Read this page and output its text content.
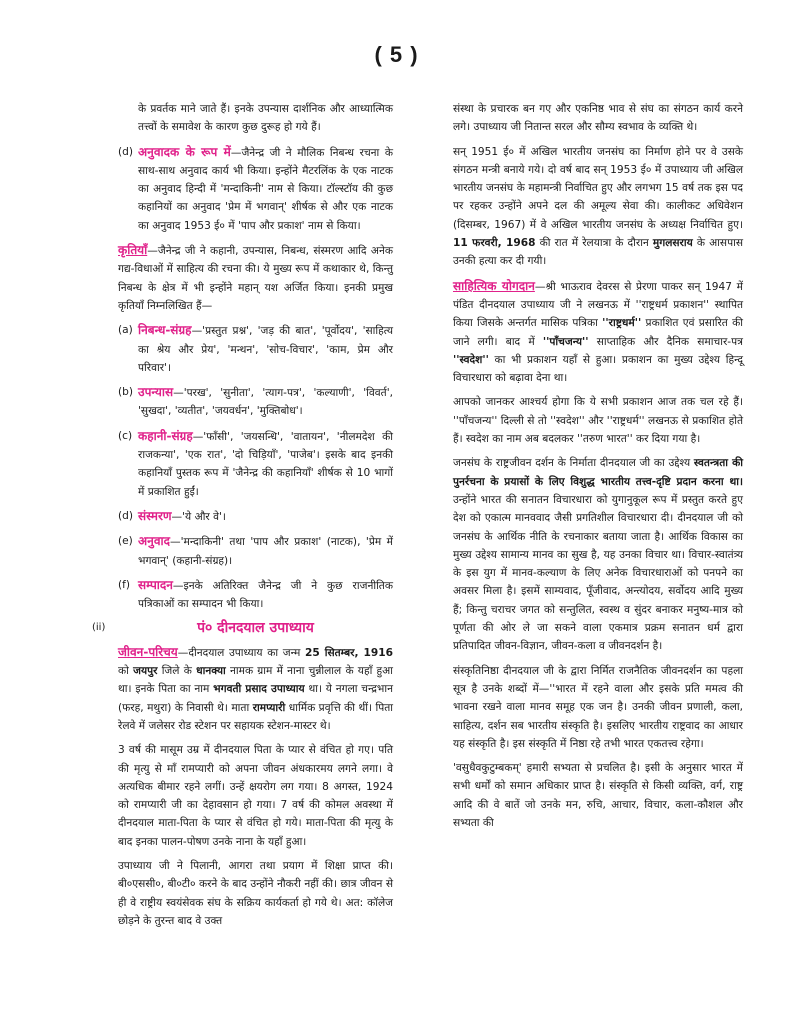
( 5 )

के प्रवर्तक माने जाते हैं। इनके उपन्यास दार्शनिक और आध्यात्मिक तत्त्वों के समावेश के कारण कुछ दुरूह हो गये हैं।

(d) अनुवादक के रूप में—जैनेन्द्र जी ने मौलिक निबन्ध रचना के साथ-साथ अनुवाद कार्य भी किया। इन्होंने मैटरलिंक के एक नाटक का अनुवाद हिन्दी में 'मन्दाकिनी' नाम से किया। टॉल्स्टॉय की कुछ कहानियों का अनुवाद 'प्रेम में भगवान्' शीर्षक से और एक नाटक का अनुवाद 1953 ई० में 'पाप और प्रकाश' नाम से किया।

कृतियाँ—जैनेन्द्र जी ने कहानी, उपन्यास, निबन्ध, संस्मरण आदि अनेक गद्य-विधाओं में साहित्य की रचना की। ये मुख्य रूप में कथाकार थे, किन्तु निबन्ध के क्षेत्र में भी इन्होंने महान् यश अर्जित किया। इनकी प्रमुख कृतियाँ निम्नलिखित हैं—

(a) निबन्ध-संग्रह—'प्रस्तुत प्रश्न', 'जड़ की बात', 'पूर्वोदय', 'साहित्य का श्रेय और प्रेय', 'मन्थन', 'सोच-विचार', 'काम, प्रेम और परिवार'।
(b) उपन्यास—'परख', 'सुनीता', 'त्याग-पत्र', 'कल्याणी', 'विवर्त', 'सुखदा', 'व्यतीत', 'जयवर्धन', 'मुक्तिबोध'।
(c) कहानी-संग्रह—'फाँसी', 'जयसन्धि', 'वातायन', 'नीलमदेश की राजकन्या', 'एक रात', 'दो चिड़ियाँ', 'पाजेब'। इसके बाद इनकी कहानियाँ पुस्तक रूप में 'जैनेन्द्र की कहानियाँ' शीर्षक से 10 भागों में प्रकाशित हुईं।
(d) संस्मरण—'ये और वे'।
(e) अनुवाद—'मन्दाकिनी' तथा 'पाप और प्रकाश' (नाटक), 'प्रेम में भगवान्' (कहानी-संग्रह)।
(f) सम्पादन—इनके अतिरिक्त जैनेन्द्र जी ने कुछ राजनीतिक पत्रिकाओं का सम्पादन भी किया।
(ii)	पं० दीनदयाल उपाध्याय

जीवन-परिचय—दीनदयाल उपाध्याय का जन्म 25 सितम्बर, 1916 को जयपुर जिले के धानक्या नामक ग्राम में नाना चुन्नीलाल के यहाँ हुआ था। इनके पिता का नाम भगवती प्रसाद उपाध्याय था। ये नगला चन्द्रभान (फरह, मथुरा) के निवासी थे। माता रामप्यारी धार्मिक प्रवृत्ति की थीं। पिता रेलवे में जलेसर रोड स्टेशन पर सहायक स्टेशन-मास्टर थे।

3 वर्ष की मासूम उम्र में दीनदयाल पिता के प्यार से वंचित हो गए। पति की मृत्यु से माँ रामप्यारी को अपना जीवन अंधकारमय लगने लगा। वे अत्यधिक बीमार रहने लगीं। उन्हें क्षयरोग लग गया। 8 अगस्त, 1924 को रामप्यारी जी का देहावसान हो गया। 7 वर्ष की कोमल अवस्था में दीनदयाल माता-पिता के प्यार से वंचित हो गये। माता-पिता की मृत्यु के बाद इनका पालन-पोषण उनके नाना के यहाँ हुआ।

उपाध्याय जी ने पिलानी, आगरा तथा प्रयाग में शिक्षा प्राप्त की। बी०एससी०, बी०टी० करने के बाद उन्होंने नौकरी नहीं की। छात्र जीवन से ही वे राष्ट्रीय स्वयंसेवक संघ के सक्रिय कार्यकर्ता हो गये थे। अत: कॉलेज छोड़ने के तुरन्त बाद वे उक्त

संस्था के प्रचारक बन गए और एकनिष्ठ भाव से संघ का संगठन कार्य करने लगे। उपाध्याय जी नितान्त सरल और सौम्य स्वभाव के व्यक्ति थे।

सन् 1951 ई० में अखिल भारतीय जनसंघ का निर्माण होने पर वे उसके संगठन मन्त्री बनाये गये। दो वर्ष बाद सन् 1953 ई० में उपाध्याय जी अखिल भारतीय जनसंघ के महामन्त्री निर्वाचित हुए और लगभग 15 वर्ष तक इस पद पर रहकर उन्होंने अपने दल की अमूल्य सेवा की। कालीकट अधिवेशन (दिसम्बर, 1967) में वे अखिल भारतीय जनसंघ के अध्यक्ष निर्वाचित हुए। 11 फरवरी, 1968 की रात में रेलयात्रा के दौरान मुगलसराय के आसपास उनकी हत्या कर दी गयी।

साहित्यिक योगदान—श्री भाऊराव देवरस से प्रेरणा पाकर सन् 1947 में पंडित दीनदयाल उपाध्याय जी ने लखनऊ में ''राष्ट्रधर्म प्रकाशन'' स्थापित किया जिसके अन्तर्गत मासिक पत्रिका ''राष्ट्रधर्म'' प्रकाशित एवं प्रसारित की जाने लगी। बाद में ''पाँचजन्य'' साप्ताहिक और दैनिक समाचार-पत्र ''स्वदेश'' का भी प्रकाशन यहाँ से हुआ। प्रकाशन का मुख्य उद्देश्य हिन्दू विचारधारा को बढ़ावा देना था।

आपको जानकर आश्चर्य होगा कि ये सभी प्रकाशन आज तक चल रहे हैं। ''पाँचजन्य'' दिल्ली से तो ''स्वदेश'' और ''राष्ट्रधर्म'' लखनऊ से प्रकाशित होते हैं। स्वदेश का नाम अब बदलकर ''तरुण भारत'' कर दिया गया है।

जनसंघ के राष्ट्रजीवन दर्शन के निर्माता दीनदयाल जी का उद्देश्य स्वतन्त्रता की पुनर्रचना के प्रयासों के लिए विशुद्ध भारतीय तत्त्व-दृष्टि प्रदान करना था। उन्होंने भारत की सनातन विचारधारा को युगानुकूल रूप में प्रस्तुत करते हुए देश को एकात्म मानववाद जैसी प्रगतिशील विचारधारा दी। दीनदयाल जी को जनसंघ के आर्थिक नीति के रचनाकार बताया जाता है। आर्थिक विकास का मुख्य उद्देश्य सामान्य मानव का सुख है, यह उनका विचार था। विचार-स्वातंत्र्य के इस युग में मानव-कल्याण के लिए अनेक विचारधाराओं को पनपने का अवसर मिला है। इसमें साम्यवाद, पूँजीवाद, अन्त्योदय, सर्वोदय आदि मुख्य हैं; किन्तु चराचर जगत को सन्तुलित, स्वस्थ व सुंदर बनाकर मनुष्य-मात्र को पूर्णता की ओर ले जा सकने वाला एकमात्र प्रक्रम सनातन धर्म द्वारा प्रतिपादित जीवन-विज्ञान, जीवन-कला व जीवनदर्शन है।

संस्कृतिनिष्ठा दीनदयाल जी के द्वारा निर्मित राजनैतिक जीवनदर्शन का पहला सूत्र है उनके शब्दों में—''भारत में रहने वाला और इसके प्रति ममत्व की भावना रखने वाला मानव समूह एक जन है। उनकी जीवन प्रणाली, कला, साहित्य, दर्शन सब भारतीय संस्कृति है। इसलिए भारतीय राष्ट्रवाद का आधार यह संस्कृति है। इस संस्कृति में निष्ठा रहे तभी भारत एकतत्त्व रहेगा।

'वसुधैवकुटुम्बकम्' हमारी सभ्यता से प्रचलित है। इसी के अनुसार भारत में सभी धर्मों को समान अधिकार प्राप्त है। संस्कृति से किसी व्यक्ति, वर्ग, राष्ट्र आदि की वे बातें जो उनके मन, रुचि, आचार, विचार, कला-कौशल और सभ्यता की
